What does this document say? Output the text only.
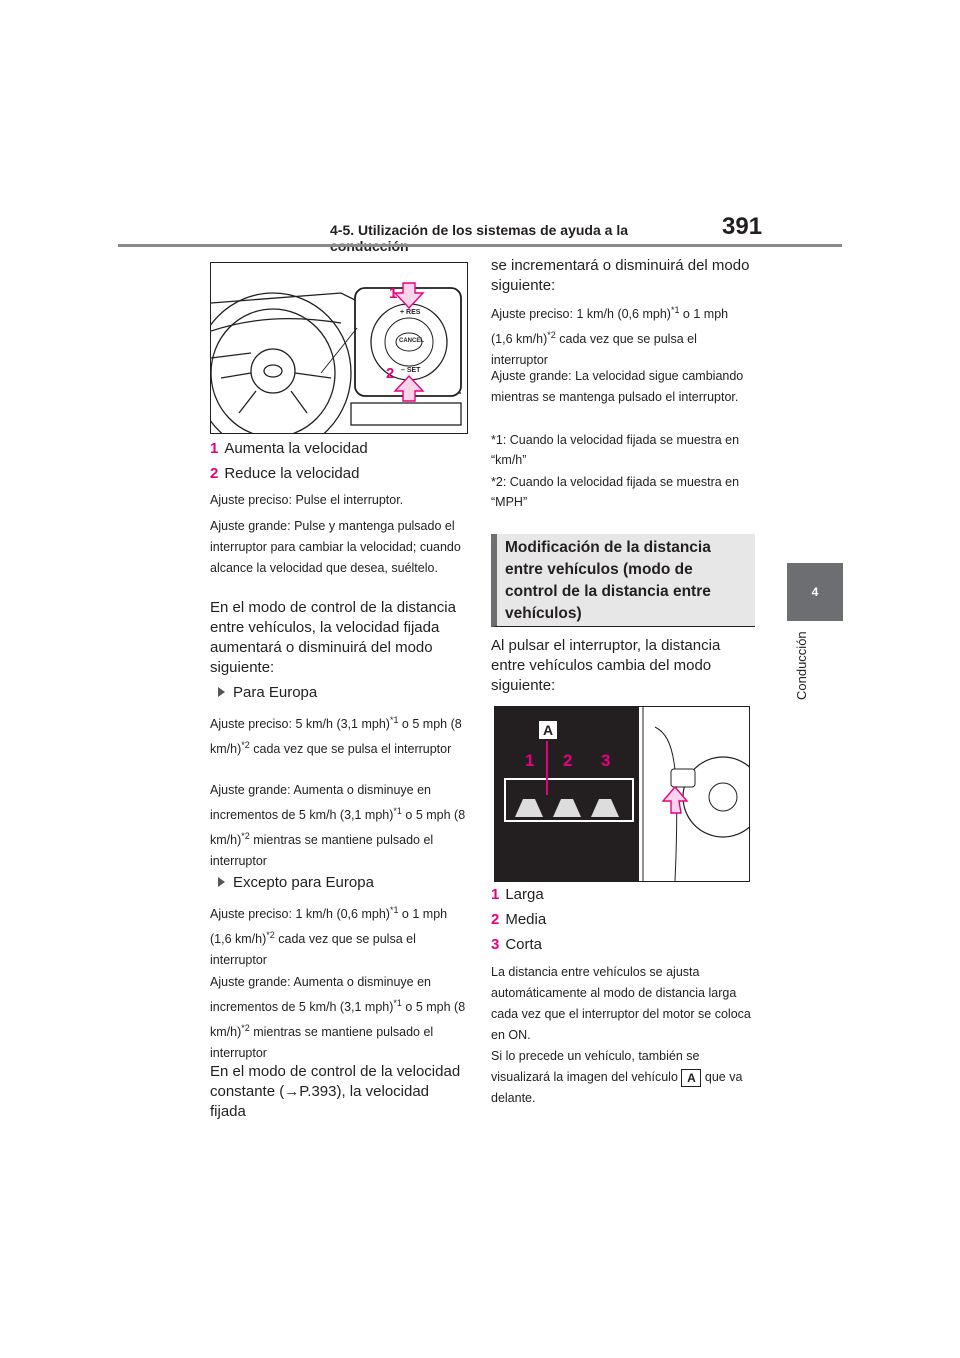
4-5. Utilización de los sistemas de ayuda a la	391
4
Conducción
+ RES
CANCEL
– SET
1
2
1 Aumenta la velocidad
2 Reduce la velocidad
Ajuste preciso: Pulse el interruptor.
Ajuste grande: Pulse y mantenga pulsado el interruptor para cambiar la velocidad; cuando alcance la velocidad que desea, suéltelo.
En el modo de control de la distancia entre vehículos, la velocidad fijada aumentará o disminuirá del modo siguiente:
Para Europa
Ajuste preciso: 5 km/h (3,1 mph)$^{*1}$ o 5 mph (8 km/h)$^{*2}$ cada vez que se pulsa el interruptor
Ajuste grande: Aumenta o disminuye en incrementos de 5 km/h (3,1 mph)$^{*1}$ o 5 mph (8 km/h)$^{*2}$ mientras se mantiene pulsado el interruptor
Excepto para Europa
Ajuste preciso: 1 km/h (0,6 mph)$^{*1}$ o 1 mph (1,6 km/h)$^{*2}$ cada vez que se pulsa el interruptor
Ajuste grande: Aumenta o disminuye en incrementos de 5 km/h (3,1 mph)$^{*1}$ o 5 mph (8 km/h)$^{*2}$ mientras se mantiene pulsado el interruptor
En el modo de control de la velocidad constante (→P.393), la velocidad fijada
se incrementará o disminuirá del modo siguiente:
Ajuste preciso: 1 km/h (0,6 mph)$^{*1}$ o 1 mph (1,6 km/h)$^{*2}$ cada vez que se pulsa el interruptor
Ajuste grande: La velocidad sigue cambiando mientras se mantenga pulsado el interruptor.
*1: Cuando la velocidad fijada se muestra en “km/h”
*2: Cuando la velocidad fijada se muestra en “MPH”
Modificación de la distancia entre vehículos (modo de control de la distancia entre vehículos)
Al pulsar el interruptor, la distancia entre vehículos cambia del modo siguiente:
A
1 2 3
1 Larga
2 Media
3 Corta
La distancia entre vehículos se ajusta automáticamente al modo de distancia larga cada vez que el interruptor del motor se coloca en ON.
Si lo precede un vehículo, también se visualizará la imagen del vehículo A que va delante.
